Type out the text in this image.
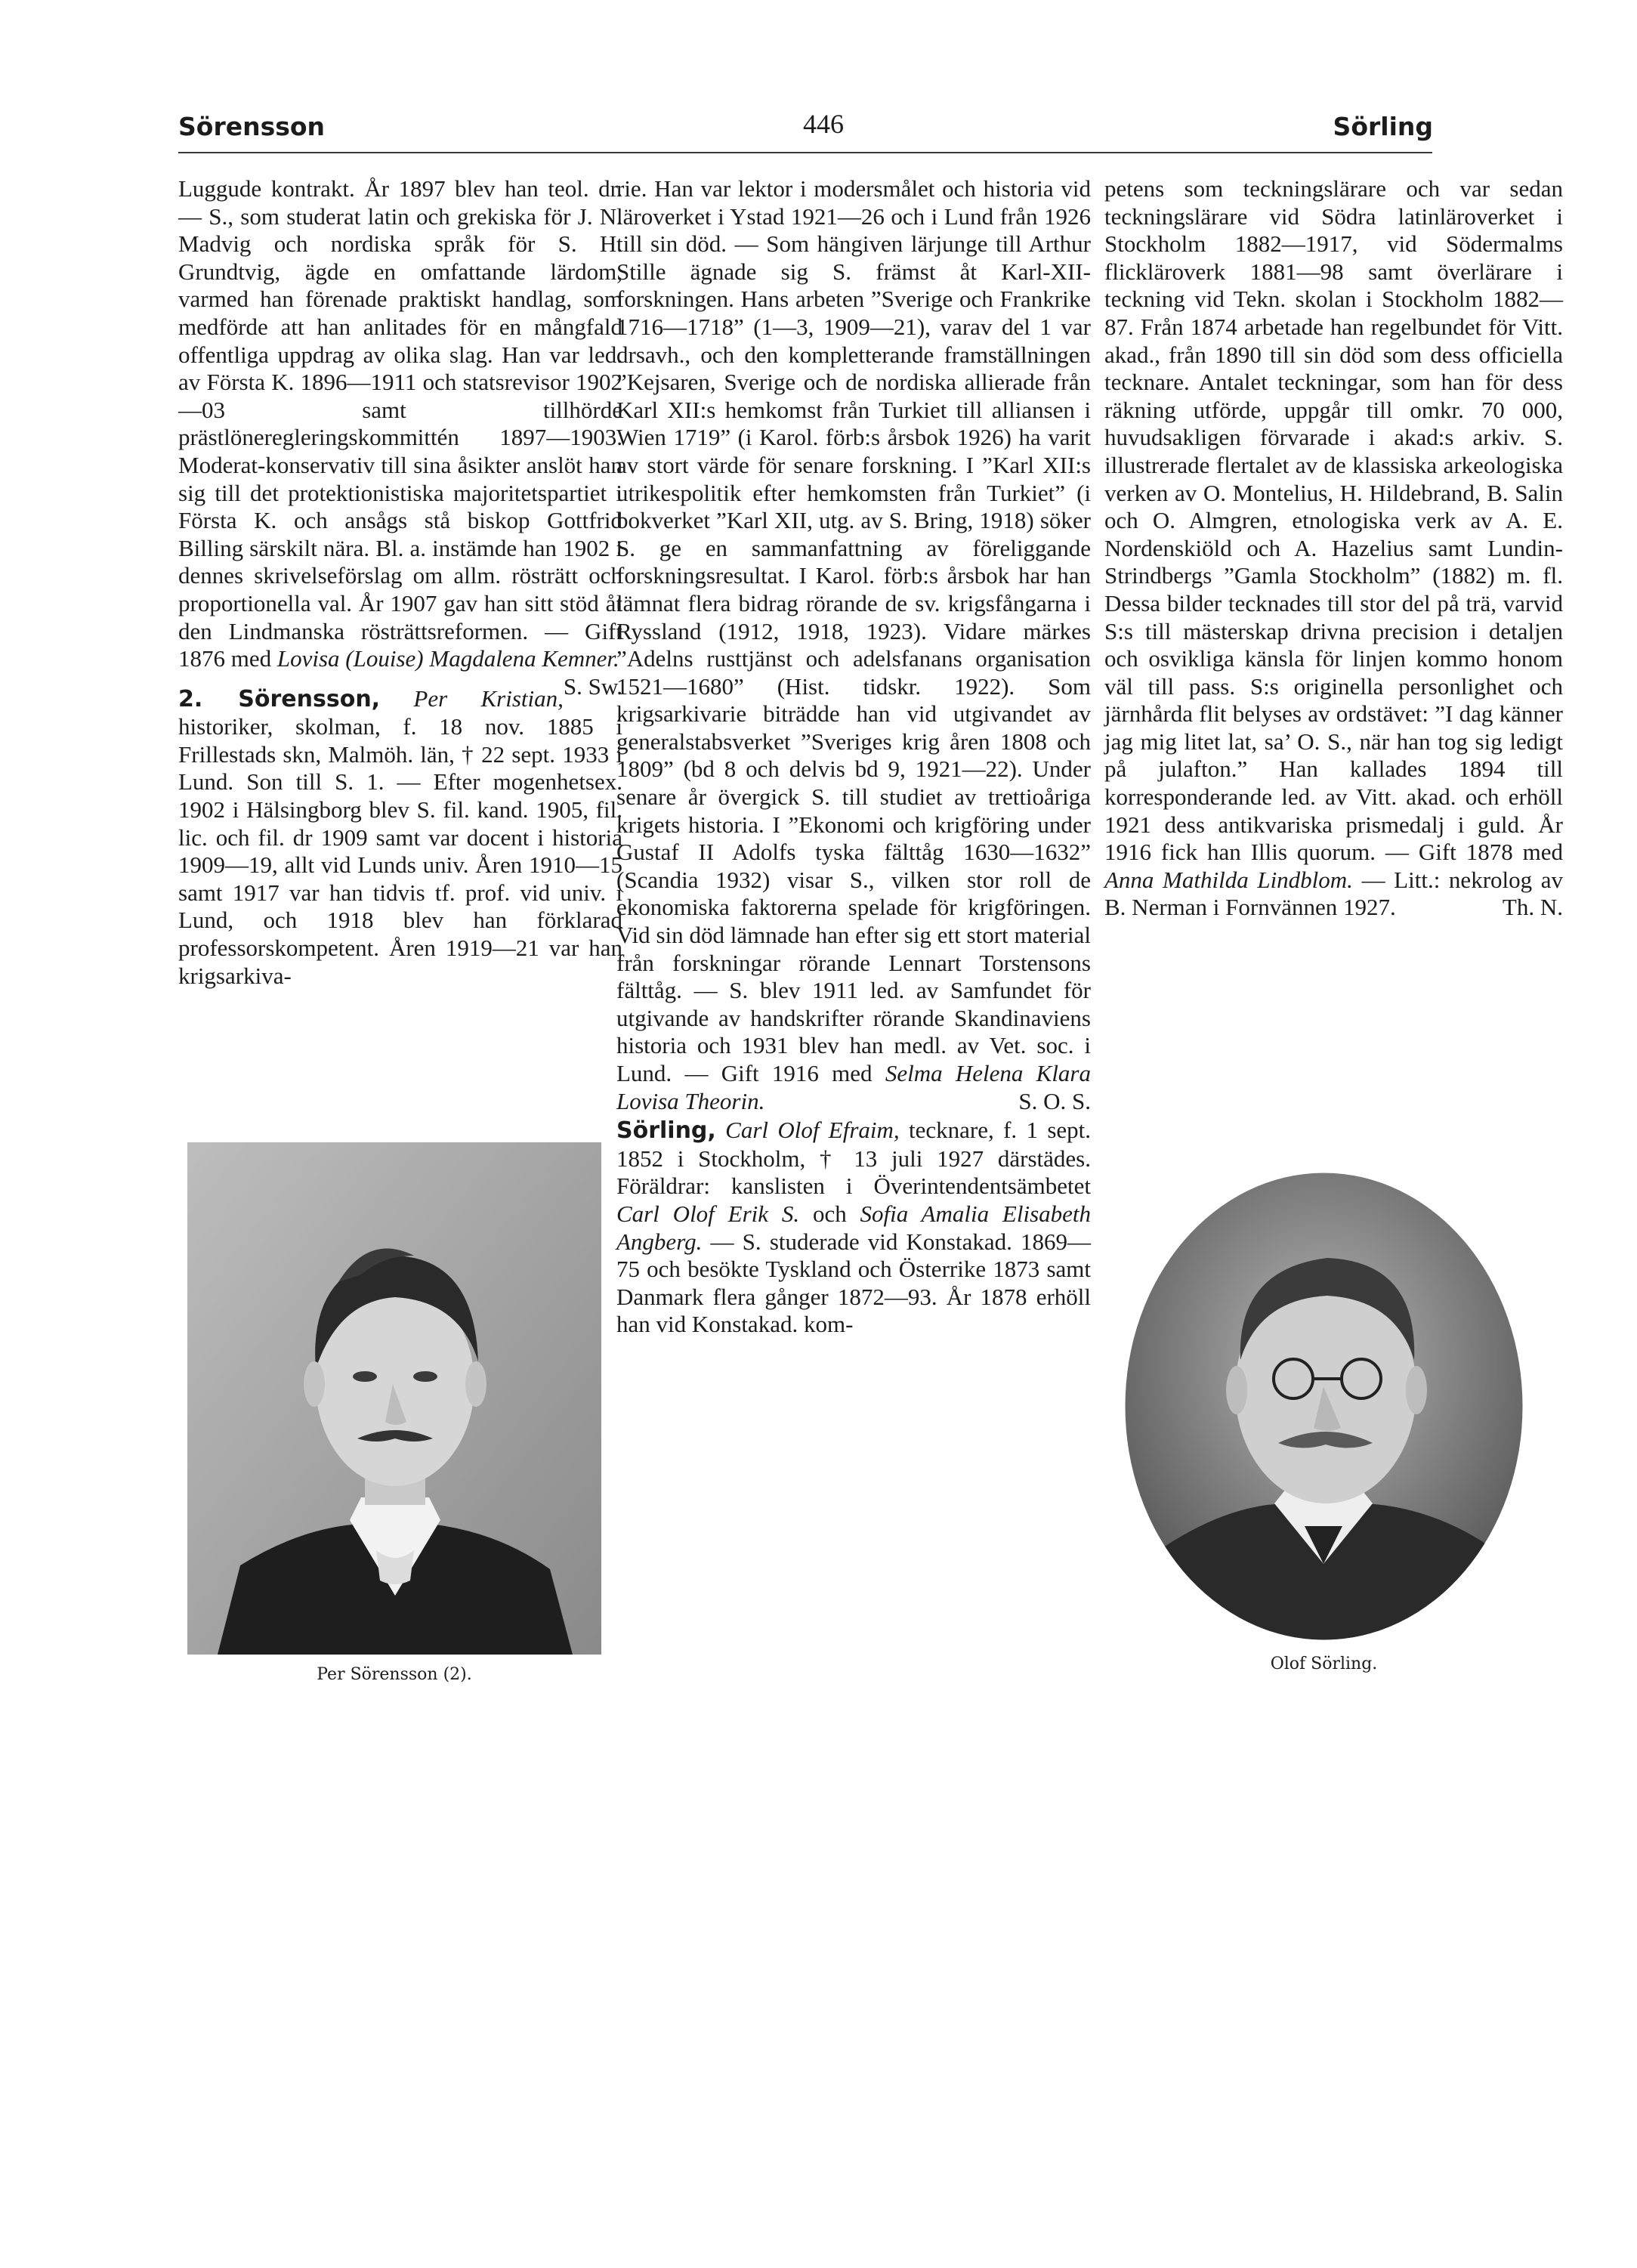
Sörensson	446	Sörling

Luggude kontrakt. År 1897 blev han teol. dr. — S., som studerat latin och grekiska för J. N. Madvig och nordiska språk för S. H. Grundtvig, ägde en omfattande lärdom, varmed han förenade praktiskt handlag, som medförde att han anlitades för en mångfald offentliga uppdrag av olika slag. Han var led. av Första K. 1896—1911 och statsrevisor 1902—03 samt tillhörde prästlöneregleringskommittén 1897—1903. Moderat-konservativ till sina åsikter anslöt han sig till det protektionistiska majoritetspartiet i Första K. och ansågs stå biskop Gottfrid Billing särskilt nära. Bl. a. instämde han 1902 i dennes skrivelseförslag om allm. rösträtt och proportionella val. År 1907 gav han sitt stöd åt den Lindmanska rösträttsreformen. — Gift 1876 med Lovisa (Louise) Magdalena Kemner.
S. Sw.

2. Sörensson, Per Kristian, historiker, skolman, f. 18 nov. 1885 i Frillestads skn, Malmöh. län, † 22 sept. 1933 i Lund. Son till S. 1. — Efter mogenhetsex. 1902 i Hälsingborg blev S. fil. kand. 1905, fil. lic. och fil. dr 1909 samt var docent i historia 1909—19, allt vid Lunds univ. Åren 1910—15 samt 1917 var han tidvis tf. prof. vid univ. i Lund, och 1918 blev han förklarad professorskompetent. Åren 1919—21 var han krigsarkiva-

Per Sörensson (2).

rie. Han var lektor i modersmålet och historia vid läroverket i Ystad 1921—26 och i Lund från 1926 till sin död. — Som hängiven lärjunge till Arthur Stille ägnade sig S. främst åt Karl-XII-forskningen. Hans arbeten ”Sverige och Frankrike 1716—1718” (1—3, 1909—21), varav del 1 var drsavh., och den kompletterande framställningen ”Kejsaren, Sverige och de nordiska allierade från Karl XII:s hemkomst från Turkiet till alliansen i Wien 1719” (i Karol. förb:s årsbok 1926) ha varit av stort värde för senare forskning. I ”Karl XII:s utrikespolitik efter hemkomsten från Turkiet” (i bokverket ”Karl XII, utg. av S. Bring, 1918) söker S. ge en sammanfattning av föreliggande forskningsresultat. I Karol. förb:s årsbok har han lämnat flera bidrag rörande de sv. krigsfångarna i Ryssland (1912, 1918, 1923). Vidare märkes ”Adelns rusttjänst och adelsfanans organisation 1521—1680” (Hist. tidskr. 1922). Som krigsarkivarie biträdde han vid utgivandet av generalstabsverket ”Sveriges krig åren 1808 och 1809” (bd 8 och delvis bd 9, 1921—22). Under senare år övergick S. till studiet av trettioåriga krigets historia. I ”Ekonomi och krigföring under Gustaf II Adolfs tyska fälttåg 1630—1632” (Scandia 1932) visar S., vilken stor roll de ekonomiska faktorerna spelade för krigföringen. Vid sin död lämnade han efter sig ett stort material från forskningar rörande Lennart Torstensons fälttåg. — S. blev 1911 led. av Samfundet för utgivande av handskrifter rörande Skandinaviens historia och 1931 blev han medl. av Vet. soc. i Lund. — Gift 1916 med Selma Helena Klara Lovisa Theorin.	S. O. S.

Sörling, Carl Olof Efraim, tecknare, f. 1 sept. 1852 i Stockholm, † 13 juli 1927 därstädes. Föräldrar: kanslisten i Överintendentsämbetet Carl Olof Erik S. och Sofia Amalia Elisabeth Angberg. — S. studerade vid Konstakad. 1869—75 och besökte Tyskland och Österrike 1873 samt Danmark flera gånger 1872—93. År 1878 erhöll han vid Konstakad. kom-

petens som teckningslärare och var sedan teckningslärare vid Södra latinläroverket i Stockholm 1882—1917, vid Södermalms flickläroverk 1881—98 samt överlärare i teckning vid Tekn. skolan i Stockholm 1882—87. Från 1874 arbetade han regelbundet för Vitt. akad., från 1890 till sin död som dess officiella tecknare. Antalet teckningar, som han för dess räkning utförde, uppgår till omkr. 70 000, huvudsakligen förvarade i akad:s arkiv. S. illustrerade flertalet av de klassiska arkeologiska verken av O. Montelius, H. Hildebrand, B. Salin och O. Almgren, etnologiska verk av A. E. Nordenskiöld och A. Hazelius samt Lundin-Strindbergs ”Gamla Stockholm” (1882) m. fl. Dessa bilder tecknades till stor del på trä, varvid S:s till mästerskap drivna precision i detaljen och osvikliga känsla för linjen kommo honom väl till pass. S:s originella personlighet och järnhårda flit belyses av ordstävet: ”I dag känner jag mig litet lat, sa’ O. S., när han tog sig ledigt på julafton.” Han kallades 1894 till korresponderande led. av Vitt. akad. och erhöll 1921 dess antikvariska prismedalj i guld. År 1916 fick han Illis quorum. — Gift 1878 med Anna Mathilda Lindblom. — Litt.: nekrolog av B. Nerman i Fornvännen 1927.	Th. N.

Olof Sörling.
